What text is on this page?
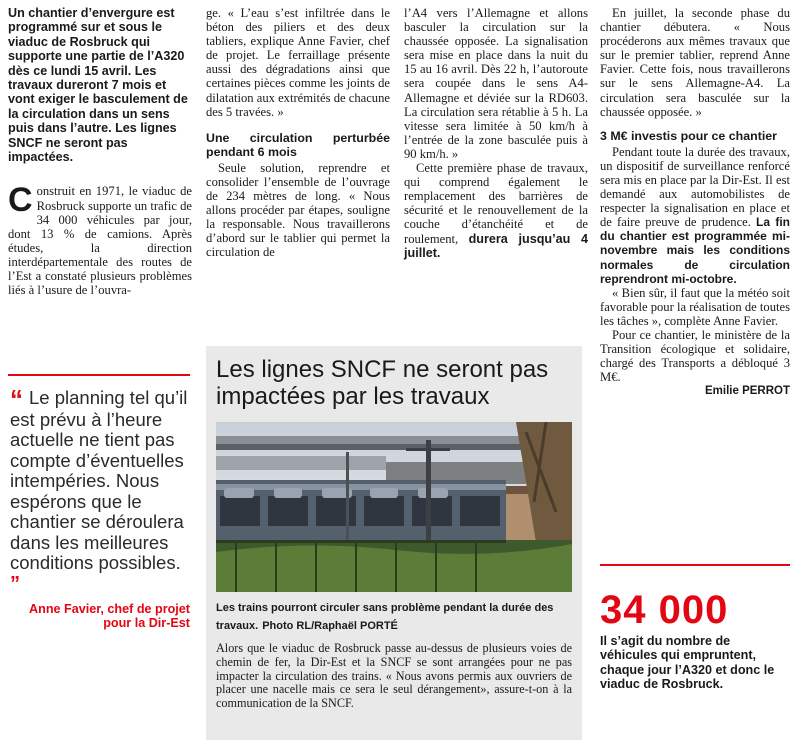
Un chantier d’envergure est programmé sur et sous le viaduc de Rosbruck qui supporte une partie de l’A320 dès ce lundi 15 avril. Les travaux dureront 7 mois et vont exiger le basculement de la circulation dans un sens puis dans l’autre. Les lignes SNCF ne seront pas impactées.

Construit en 1971, le viaduc de Rosbruck supporte un trafic de 34 000 véhicules par jour, dont 13 % de camions. Après études, la direction interdépartementale des routes de l’Est a constaté plusieurs problèmes liés à l’usure de l’ouvra-
“ Le planning tel qu’il est prévu à l’heure actuelle ne tient pas compte d’éventuelles intempéries. Nous espérons que le chantier se déroulera dans les meilleures conditions possibles. ”
Anne Favier, chef de projet pour la Dir-Est

ge. « L’eau s’est infiltrée dans le béton des piliers et des deux tabliers, explique Anne Favier, chef de projet. Le ferraillage présente aussi des dégradations ainsi que certaines pièces comme les joints de dilatation aux extrémités de chacune des 5 travées. »

Une circulation perturbée pendant 6 mois

Seule solution, reprendre et consolider l’ensemble de l’ouvrage de 234 mètres de long. « Nous allons procéder par étapes, souligne la responsable. Nous travaillerons d’abord sur le tablier qui permet la circulation de

l’A4 vers l’Allemagne et allons basculer la circulation sur la chaussée opposée. La signalisation sera mise en place dans la nuit du 15 au 16 avril. Dès 22 h, l’autoroute sera coupée dans le sens A4-Allemagne et déviée sur la RD603. La circulation sera rétablie à 5 h. La vitesse sera limitée à 50 km/h à l’entrée de la zone basculée puis à 90 km/h. »

Cette première phase de travaux, qui comprend également le remplacement des barrières de sécurité et le renouvellement de la couche d’étanchéité et de roulement, durera jusqu’au 4 juillet.

En juillet, la seconde phase du chantier débutera. « Nous procéderons aux mêmes travaux que sur le premier tablier, reprend Anne Favier. Cette fois, nous travaillerons sur le sens Allemagne-A4. La circulation sera basculée sur la chaussée opposée. »

3 M€ investis pour ce chantier

Pendant toute la durée des travaux, un dispositif de surveillance renforcé sera mis en place par la Dir-Est. Il est demandé aux automobilistes de respecter la signalisation en place et de faire preuve de prudence. La fin du chantier est programmée mi-novembre mais les conditions normales de circulation reprendront mi-octobre.

« Bien sûr, il faut que la météo soit favorable pour la réalisation de toutes les tâches », complète Anne Favier.

Pour ce chantier, le ministère de la Transition écologique et solidaire, chargé des Transports a débloqué 3 M€.

Emilie PERROT

34 000
Il s’agit du nombre de véhicules qui empruntent, chaque jour l’A320 et donc le viaduc de Rosbruck.
Les lignes SNCF ne seront pas impactées par les travaux
Les trains pourront circuler sans problème pendant la durée des travaux. Photo RL/Raphaël PORTÉ

Alors que le viaduc de Rosbruck passe au-dessus de plusieurs voies de chemin de fer, la Dir-Est et la SNCF se sont arrangées pour ne pas impacter la circulation des trains. « Nous avons permis aux ouvriers de placer une nacelle mais ce sera le seul dérangement», assure-t-on à la communication de la SNCF.
